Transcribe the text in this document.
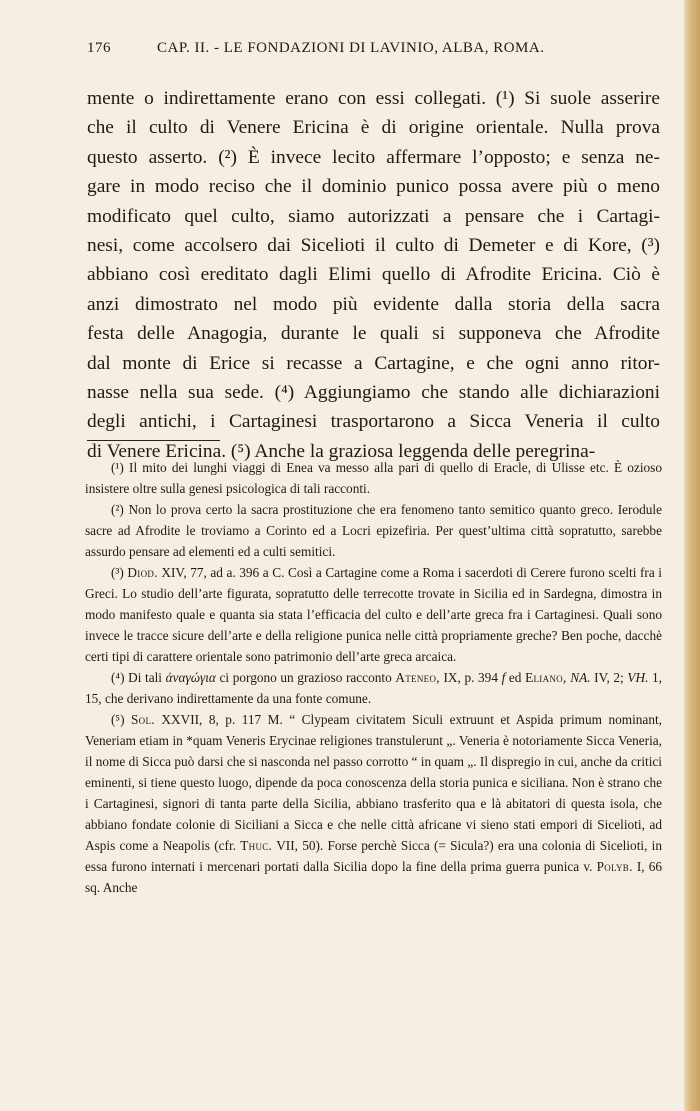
176	CAP. II. - LE FONDAZIONI DI LAVINIO, ALBA, ROMA.
mente o indirettamente erano con essi collegati. (¹) Si suole asserire
che il culto di Venere Ericina è di origine orientale. Nulla prova
questo asserto. (²) È invece lecito affermare l’opposto; e senza ne-
gare in modo reciso che il dominio punico possa avere più o meno
modificato quel culto, siamo autorizzati a pensare che i Cartagi-
nesi, come accolsero dai Sicelioti il culto di Demeter e di Kore, (³)
abbiano così ereditato dagli Elimi quello di Afrodite Ericina. Ciò è
anzi dimostrato nel modo più evidente dalla storia della sacra
festa delle Anagogia, durante le quali si supponeva che Afrodite
dal monte di Erice si recasse a Cartagine, e che ogni anno ritor-
nasse nella sua sede. (⁴) Aggiungiamo che stando alle dichiarazioni
degli antichi, i Cartaginesi trasportarono a Sicca Veneria il culto
di Venere Ericina. (⁵) Anche la graziosa leggenda delle peregrina-

(¹) Il mito dei lunghi viaggi di Enea va messo alla pari di quello di Eracle, di Ulisse etc. È ozioso insistere oltre sulla genesi psicologica di tali racconti.

(²) Non lo prova certo la sacra prostituzione che era fenomeno tanto semitico quanto greco. Ierodule sacre ad Afrodite le troviamo a Corinto ed a Locri epizefiria. Per quest’ultima città sopratutto, sarebbe assurdo pensare ad elementi ed a culti semitici.

(³) Diod. XIV, 77, ad a. 396 a C. Così a Cartagine come a Roma i sacerdoti di Cerere furono scelti fra i Greci. Lo studio dell’arte figurata, sopratutto delle terrecotte trovate in Sicilia ed in Sardegna, dimostra in modo manifesto quale e quanta sia stata l’efficacia del culto e dell’arte greca fra i Cartaginesi. Quali sono invece le tracce sicure dell’arte e della religione punica nelle città propriamente greche? Ben poche, dacchè certi tipi di carattere orientale sono patrimonio dell’arte greca arcaica.

(⁴) Di tali ἀναγώγια ci porgono un grazioso racconto Ateneo, IX, p. 394 f ed Eliano, NA. IV, 2; VH. 1, 15, che derivano indirettamente da una fonte comune.

(⁵) Sol. XXVII, 8, p. 117 M. “ Clypeam civitatem Siculi extruunt et Aspida primum nominant, Veneriam etiam in *quam Veneris Erycinae religiones transtulerunt „. Veneria è notoriamente Sicca Veneria, il nome di Sicca può darsi che si nasconda nel passo corrotto “ in quam „. Il dispregio in cui, anche da critici eminenti, si tiene questo luogo, dipende da poca conoscenza della storia punica e siciliana. Non è strano che i Cartaginesi, signori di tanta parte della Sicilia, abbiano trasferito qua e là abitatori di questa isola, che abbiano fondate colonie di Siciliani a Sicca e che nelle città africane vi sieno stati empori di Sicelioti, ad Aspis come a Neapolis (cfr. Thuc. VII, 50). Forse perchè Sicca (= Sicula?) era una colonia di Sicelioti, in essa furono internati i mercenari portati dalla Sicilia dopo la fine della prima guerra punica v. Polyb. I, 66 sq. Anche
